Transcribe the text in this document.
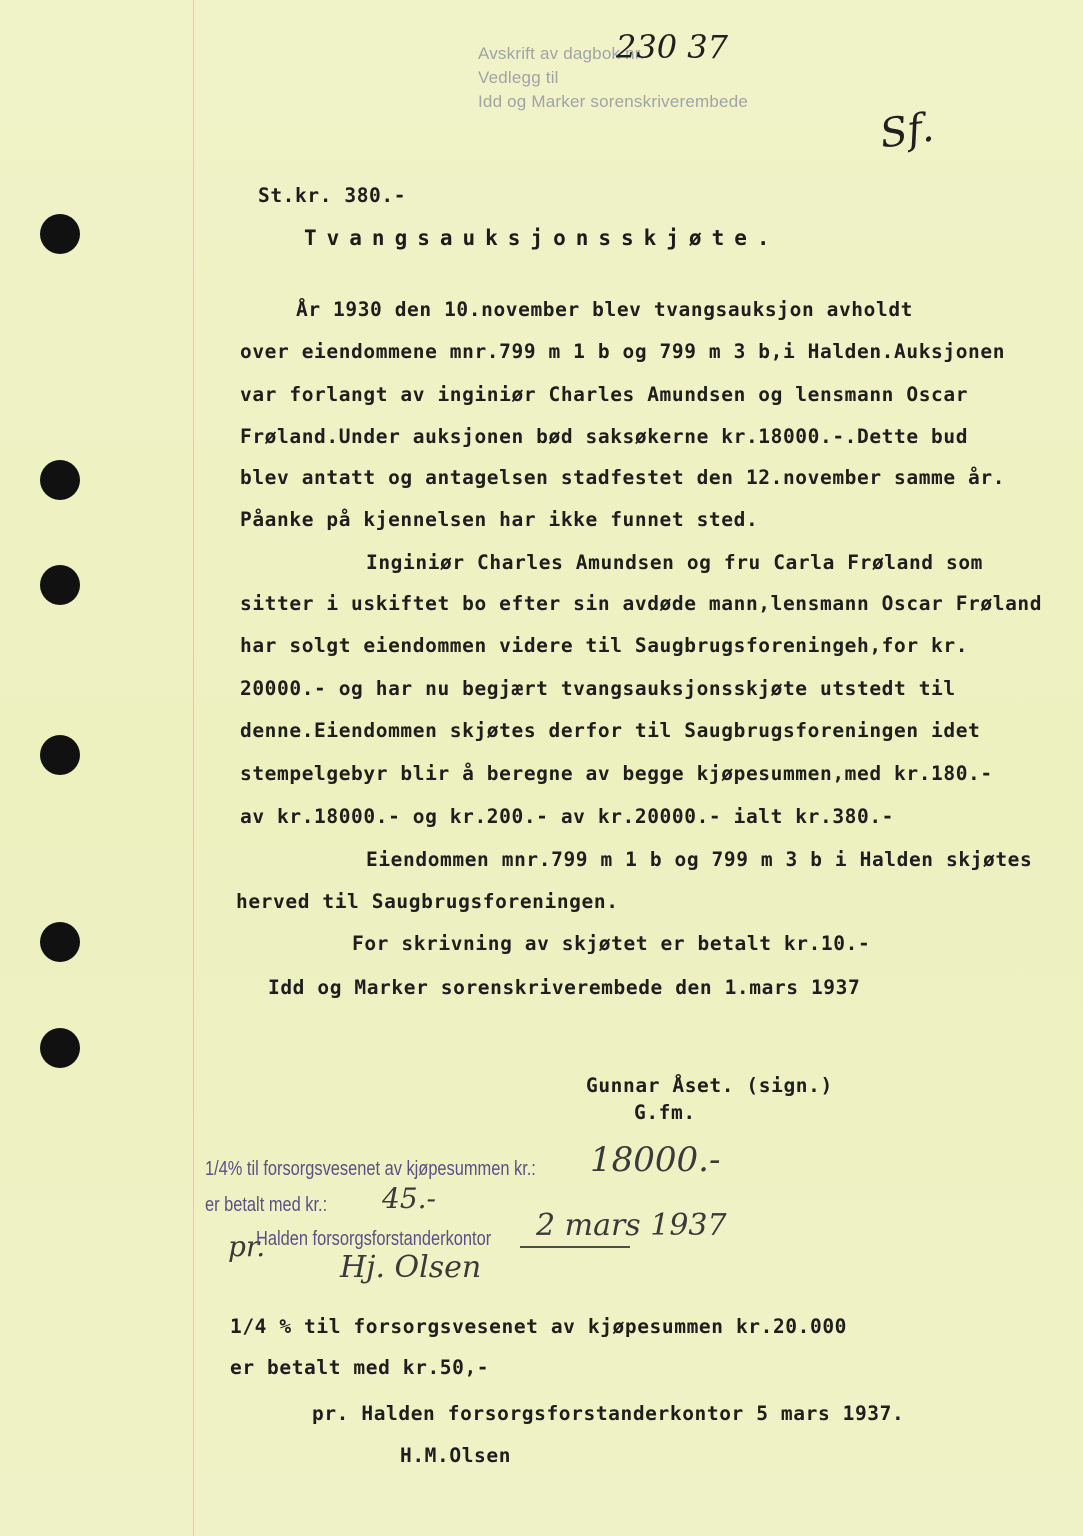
Avskrift av dagbok nr.
Vedlegg til
Idd og Marker sorenskriverembede
230 37
Sf.
St.kr. 380.-
Tvangsauksjonsskjøte.
År 1930 den 10.november blev tvangsauksjon avholdt
over eiendommene mnr.799 m 1 b og 799 m 3 b,i Halden.Auksjonen
var forlangt av inginiør Charles Amundsen og lensmann Oscar
Frøland.Under auksjonen bød saksøkerne kr.18000.-.Dette bud
blev antatt og antagelsen stadfestet den 12.november samme år.
Påanke på kjennelsen har ikke funnet sted.
Inginiør Charles Amundsen og fru Carla Frøland som
sitter i uskiftet bo efter sin avdøde mann,lensmann Oscar Frøland
har solgt eiendommen videre til Saugbrugsforeningeh,for kr.
20000.- og har nu begjært tvangsauksjonsskjøte utstedt til
denne.Eiendommen skjøtes derfor til Saugbrugsforeningen idet
stempelgebyr blir å beregne av begge kjøpesummen,med kr.180.-
av kr.18000.- og kr.200.- av kr.20000.- ialt kr.380.-
Eiendommen mnr.799 m 1 b og 799 m 3 b i Halden skjøtes
herved til Saugbrugsforeningen.
For skrivning av skjøtet er betalt kr.10.-
Idd og Marker sorenskriverembede den 1.mars 1937
Gunnar Åset. (sign.)
G.fm.
1/4% til forsorgsvesenet av kjøpesummen kr.: 18000.-
er betalt med kr.: 45.-
pr.
Halden forsorgsforstanderkontor 2 mars 1937
Hj. Olsen
1/4 % til forsorgsvesenet av kjøpesummen kr.20.000
er betalt med kr.50,-
pr. Halden forsorgsforstanderkontor 5 mars 1937.
H.M.Olsen
